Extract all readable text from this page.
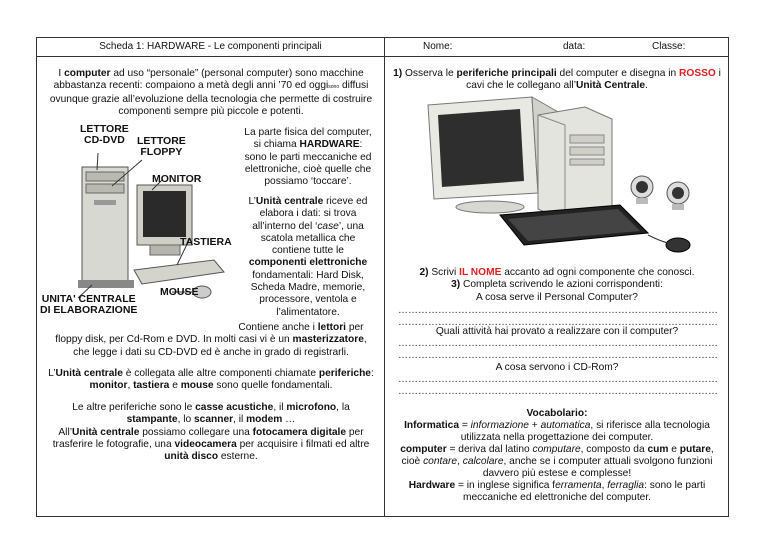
Scheda 1: HARDWARE - Le componenti principali	Nome:	data:	Classe:
I computer ad uso “personale” (personal computer) sono macchine abbastanza recenti: compaiono a metà degli anni ’70 ed oggisono diffusi ovunque grazie all’evoluzione della tecnologia che permette di costruire componenti sempre più piccole e potenti.
LETTORE
CD-DVD	LETTORE
FLOPPY
MONITOR
TASTIERA
MOUSE
UNITA' CENTRALE
DI ELABORAZIONE
La parte fisica del computer, si chiama HARDWARE: sono le parti meccaniche ed elettroniche, cioè quelle che possiamo ‘toccare’.
L’Unità centrale riceve ed elabora i dati: si trova all’interno del ‘case’, una scatola metallica che contiene tutte le componenti elettroniche fondamentali: Hard Disk, Scheda Madre, memorie, processore, ventola e l’alimentatore.
Contiene anche i lettori per floppy disk, per Cd-Rom e DVD. In molti casi vi è un masterizzatore, che legge i dati su CD-DVD ed è anche in grado di registrarli.
L’Unità centrale è collegata alle altre componenti chiamate periferiche: monitor, tastiera e mouse sono quelle fondamentali.
Le altre periferiche sono le casse acustiche, il microfono, la stampante, lo scanner, il modem …
All’Unità centrale possiamo collegare una fotocamera digitale per trasferire le fotografie, una videocamera per acquisire i filmati ed altre unità disco esterne.
1) Osserva le periferiche principali del computer e disegna in ROSSO i cavi che le collegano all’Unità Centrale.
2) Scrivi IL NOME accanto ad ogni componente che conosci.
3) Completa scrivendo le azioni corrispondenti:
A cosa serve il Personal Computer?
……………………………………………………………………………………
……………………………………………………………………………………
Quali attività hai provato a realizzare con il computer?
……………………………………………………………………………………
……………………………………………………………………………………
A cosa servono i CD-Rom?
……………………………………………………………………………………
……………………………………………………………………………………
Vocabolario:
Informatica = informazione + automatica, si riferisce alla tecnologia utilizzata nella progettazione dei computer.
computer = deriva dal latino computare, composto da cum e putare, cioè contare, calcolare, anche se i computer attuali svolgono funzioni davvero più estese e complesse!
Hardware = in inglese significa ferramenta, ferraglia: sono le parti meccaniche ed elettroniche del computer.
